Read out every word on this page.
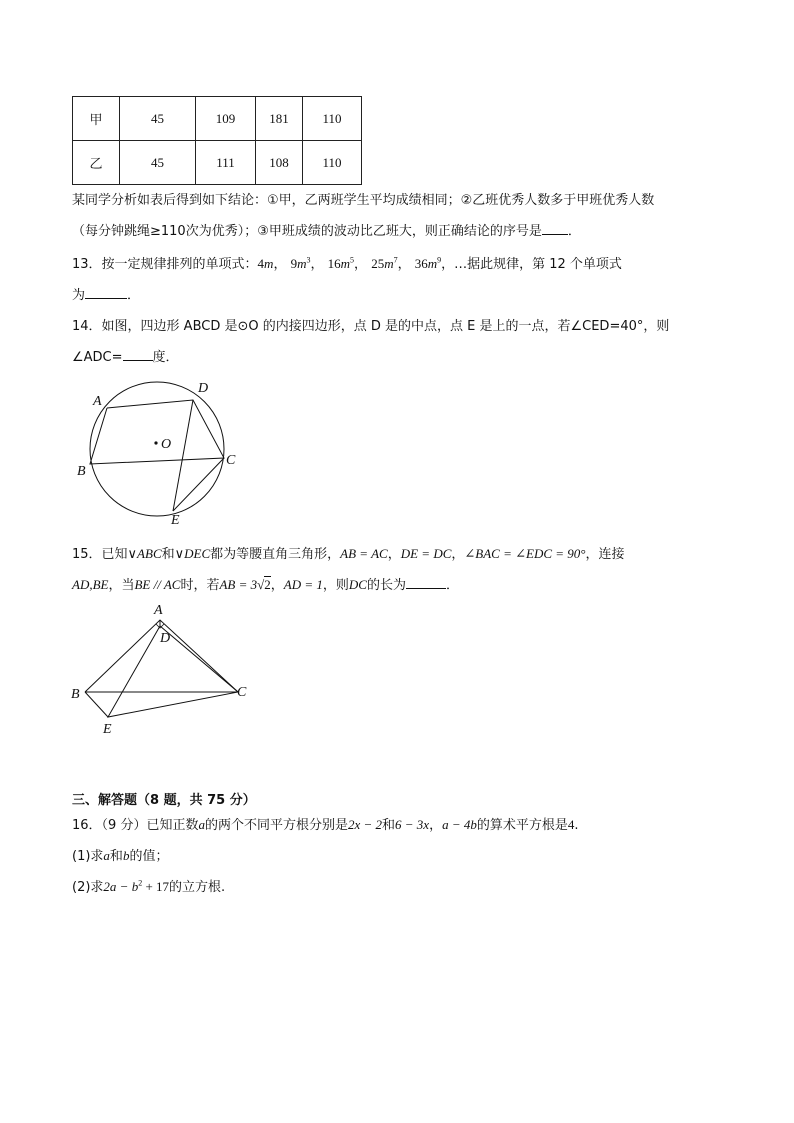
甲	45	109	181	110
乙	45	111	108	110
某同学分析如表后得到如下结论：①甲，乙两班学生平均成绩相同；②乙班优秀人数多于甲班优秀人数
（每分钟跳绳≥110次为优秀）；③甲班成绩的波动比乙班大，则正确结论的序号是 ．
13．按一定规律排列的单项式：4m， $9m^3$， $16m^5$， $25m^7$， $36m^9$，…据此规律，第 12 个单项式
为	．
14．如图，四边形 ABCD 是⊙O 的内接四边形，点 D 是的中点，点 E 是上的一点，若∠CED=40°，则
∠ADC= 度．
A
D
O
B
C
E
15．已知∨ABC和∨DEC都为等腰直角三角形，AB = AC，DE = DC，∠BAC = ∠EDC = 90°，连接
AD,BE，当BE // AC时，若AB = 3√2，AD = 1，则DC的长为	．
A
D
B	C
E
三、解答题（8 题，共 75 分）
16．（9 分）已知正数a的两个不同平方根分别是2x − 2和6 − 3x，a − 4b的算术平方根是4.
(1)求a和b的值；
(2)求$2a - b^2 + 17$的立方根.
